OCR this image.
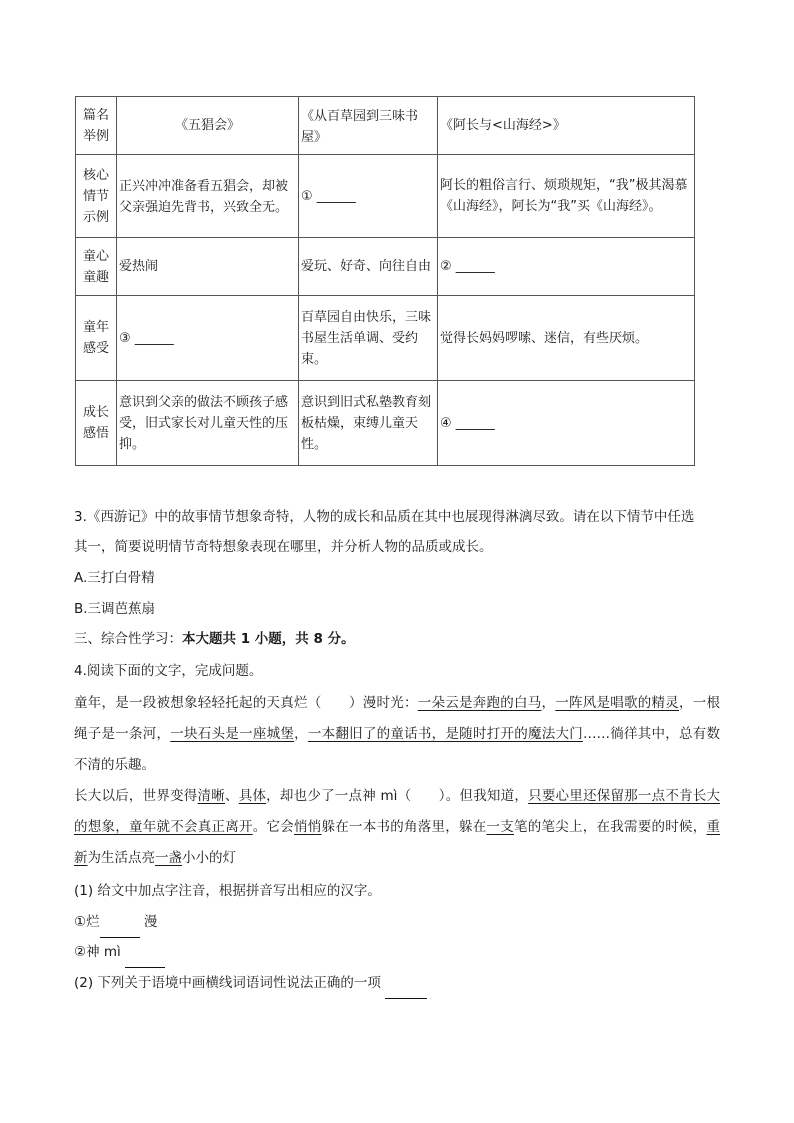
篇名举例	《五猖会》	《从百草园到三味书屋》	《阿长与<山海经>》
核心情节示例	正兴冲冲准备看五猖会，却被父亲强迫先背书，兴致全无。	① ______	阿长的粗俗言行、烦琐规矩，“我”极其渴慕《山海经》，阿长为“我”买《山海经》。
童心童趣	爱热闹	爱玩、好奇、向往自由	② ______
童年感受	③ ______	百草园自由快乐，三味书屋生活单调、受约束。	觉得长妈妈啰嗦、迷信，有些厌烦。
成长感悟	意识到父亲的做法不顾孩子感受，旧式家长对儿童天性的压抑。	意识到旧式私塾教育刻板枯燥，束缚儿童天性。	④ ______
3.《西游记》中的故事情节想象奇特，人物的成长和品质在其中也展现得淋漓尽致。请在以下情节中任选
其一，简要说明情节奇特想象表现在哪里，并分析人物的品质或成长。
A.三打白骨精
B.三调芭蕉扇
三、综合性学习：本大题共 1 小题，共 8 分。
4.阅读下面的文字，完成问题。
童年，是一段被想象轻轻托起的天真烂（　　）漫时光：一朵云是奔跑的白马，一阵风是唱歌的精灵，一根绳子是一条河，一块石头是一座城堡，一本翻旧了的童话书，是随时打开的魔法大门……徜徉其中，总有数不清的乐趣。
长大以后，世界变得清晰、具体，却也少了一点神 mì（　　）。但我知道，只要心里还保留那一点不肯长大的想象，童年就不会真正离开。它会悄悄躲在一本书的角落里，躲在一支笔的笔尖上，在我需要的时候，重新为生活点亮一盏小小的灯
(1) 给文中加点字注音，根据拼音写出相应的汉字。
①烂	漫
②神 mì
(2) 下列关于语境中画横线词语词性说法正确的一项
